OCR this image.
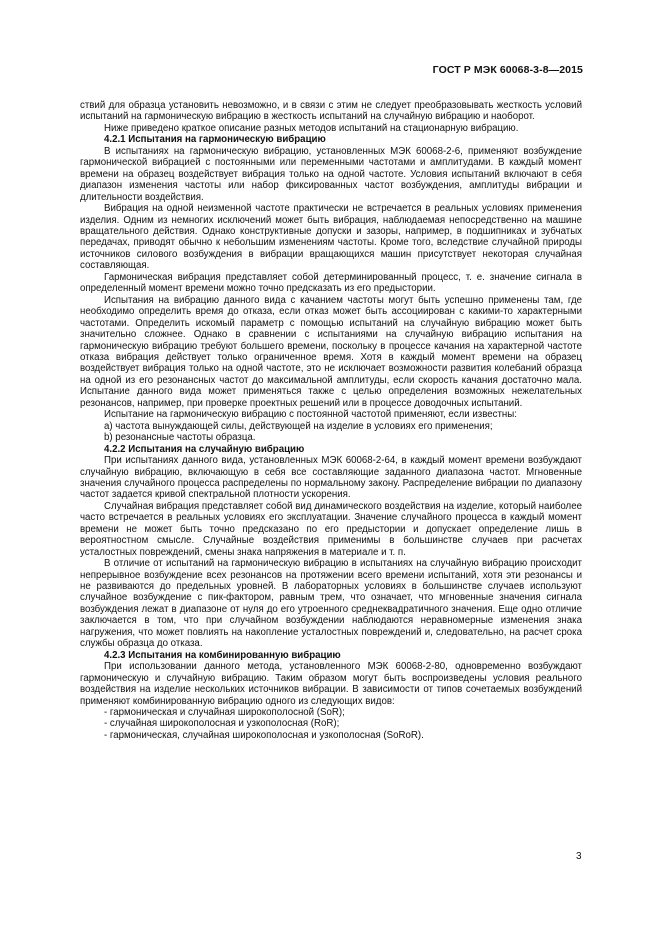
ГОСТ Р МЭК 60068-3-8—2015

ствий для образца установить невозможно, и в связи с этим не следует преобразовывать жесткость условий испытаний на гармоническую вибрацию в жесткость испытаний на случайную вибрацию и наоборот.

Ниже приведено краткое описание разных методов испытаний на стационарную вибрацию.

4.2.1 Испытания на гармоническую вибрацию

В испытаниях на гармоническую вибрацию, установленных МЭК 60068-2-6, применяют возбуждение гармонической вибрацией с постоянными или переменными частотами и амплитудами. В каждый момент времени на образец воздействует вибрация только на одной частоте. Условия испытаний включают в себя диапазон изменения частоты или набор фиксированных частот возбуждения, амплитуды вибрации и длительности воздействия.

Вибрация на одной неизменной частоте практически не встречается в реальных условиях применения изделия. Одним из немногих исключений может быть вибрация, наблюдаемая непосредственно на машине вращательного действия. Однако конструктивные допуски и зазоры, например, в подшипниках и зубчатых передачах, приводят обычно к небольшим изменениям частоты. Кроме того, вследствие случайной природы источников силового возбуждения в вибрации вращающихся машин присутствует некоторая случайная составляющая.

Гармоническая вибрация представляет собой детерминированный процесс, т. е. значение сигнала в определенный момент времени можно точно предсказать из его предыстории.

Испытания на вибрацию данного вида с качанием частоты могут быть успешно применены там, где необходимо определить время до отказа, если отказ может быть ассоциирован с какими-то характерными частотами. Определить искомый параметр с помощью испытаний на случайную вибрацию может быть значительно сложнее. Однако в сравнении с испытаниями на случайную вибрацию испытания на гармоническую вибрацию требуют большего времени, поскольку в процессе качания на характерной частоте отказа вибрация действует только ограниченное время. Хотя в каждый момент времени на образец воздействует вибрация только на одной частоте, это не исключает возможности развития колебаний образца на одной из его резонансных частот до максимальной амплитуды, если скорость качания достаточно мала. Испытание данного вида может применяться также с целью определения возможных нежелательных резонансов, например, при проверке проектных решений или в процессе доводочных испытаний.

Испытание на гармоническую вибрацию с постоянной частотой применяют, если известны:

a) частота вынуждающей силы, действующей на изделие в условиях его применения;

b) резонансные частоты образца.

4.2.2 Испытания на случайную вибрацию

При испытаниях данного вида, установленных МЭК 60068-2-64, в каждый момент времени возбуждают случайную вибрацию, включающую в себя все составляющие заданного диапазона частот. Мгновенные значения случайного процесса распределены по нормальному закону. Распределение вибрации по диапазону частот задается кривой спектральной плотности ускорения.

Случайная вибрация представляет собой вид динамического воздействия на изделие, который наиболее часто встречается в реальных условиях его эксплуатации. Значение случайного процесса в каждый момент времени не может быть точно предсказано по его предыстории и допускает определение лишь в вероятностном смысле. Случайные воздействия применимы в большинстве случаев при расчетах усталостных повреждений, смены знака напряжения в материале и т. п.

В отличие от испытаний на гармоническую вибрацию в испытаниях на случайную вибрацию происходит непрерывное возбуждение всех резонансов на протяжении всего времени испытаний, хотя эти резонансы и не развиваются до предельных уровней. В лабораторных условиях в большинстве случаев используют случайное возбуждение с пик-фактором, равным трем, что означает, что мгновенные значения сигнала возбуждения лежат в диапазоне от нуля до его утроенного среднеквадратичного значения. Еще одно отличие заключается в том, что при случайном возбуждении наблюдаются неравномерные изменения знака нагружения, что может повлиять на накопление усталостных повреждений и, следовательно, на расчет срока службы образца до отказа.

4.2.3 Испытания на комбинированную вибрацию

При использовании данного метода, установленного МЭК 60068-2-80, одновременно возбуждают гармоническую и случайную вибрацию. Таким образом могут быть воспроизведены условия реального воздействия на изделие нескольких источников вибрации. В зависимости от типов сочетаемых возбуждений применяют комбинированную вибрацию одного из следующих видов:

- гармоническая и случайная широкополосной (SoR);

- случайная широкополосная и узкополосная (RoR);

- гармоническая, случайная широкополосная и узкополосная (SoRoR).

3
